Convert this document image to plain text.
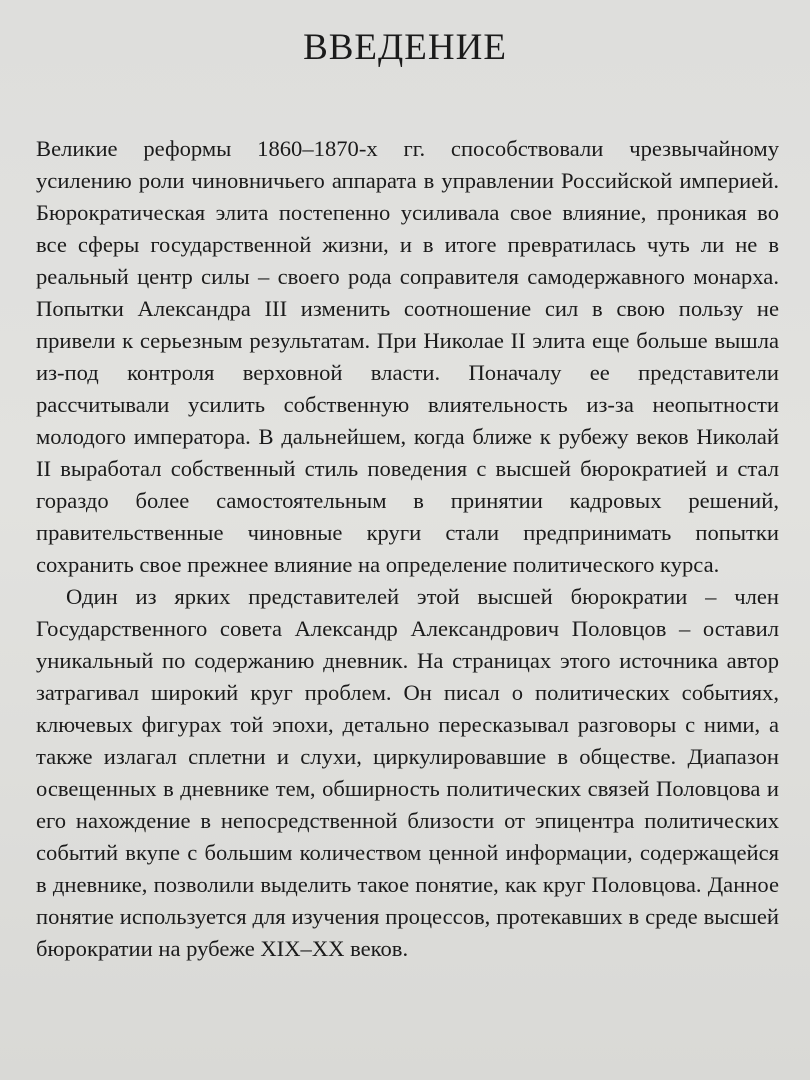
ВВЕДЕНИЕ

Великие реформы 1860–1870-х гг. способствовали чрезвычайному усилению роли чиновничьего аппарата в управлении Российской империей. Бюрократическая элита постепенно усиливала свое влияние, проникая во все сферы государственной жизни, и в итоге превратилась чуть ли не в реальный центр силы – своего рода соправителя самодержавного монарха. Попытки Александра III изменить соотношение сил в свою пользу не привели к серьезным результатам. При Николае II элита еще больше вышла из-под контроля верховной власти. Поначалу ее представители рассчитывали усилить собственную влиятельность из-за неопытности молодого императора. В дальнейшем, когда ближе к рубежу веков Николай II выработал собственный стиль поведения с высшей бюрократией и стал гораздо более самостоятельным в принятии кадровых решений, правительственные чиновные круги стали предпринимать попытки сохранить свое прежнее влияние на определение политического курса.

Один из ярких представителей этой высшей бюрократии – член Государственного совета Александр Александрович Половцов – оставил уникальный по содержанию дневник. На страницах этого источника автор затрагивал широкий круг проблем. Он писал о политических событиях, ключевых фигурах той эпохи, детально пересказывал разговоры с ними, а также излагал сплетни и слухи, циркулировавшие в обществе. Диапазон освещенных в дневнике тем, обширность политических связей Половцова и его нахождение в непосредственной близости от эпицентра политических событий вкупе с большим количеством ценной информации, содержащейся в дневнике, позволили выделить такое понятие, как круг Половцова. Данное понятие используется для изучения процессов, протекавших в среде высшей бюрократии на рубеже XIX–XX веков.
